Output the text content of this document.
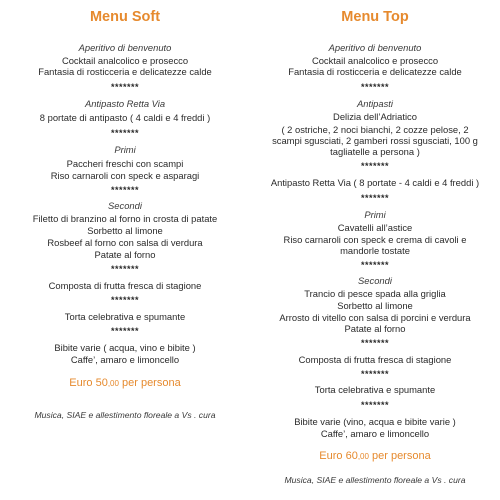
Menu Soft
Aperitivo di benvenuto
Cocktail analcolico e prosecco
Fantasia di rosticceria e delicatezze calde
*******
Antipasto Retta Via
8 portate di antipasto ( 4 caldi e 4 freddi )
*******
Primi
Paccheri freschi con scampi
Riso carnaroli con speck e asparagi
*******
Secondi
Filetto di branzino al forno in crosta di patate
Sorbetto al limone
Rosbeef al forno con salsa di verdura
Patate al forno
*******
Composta di frutta fresca di stagione
*******
Torta celebrativa e spumante
*******
Bibite varie ( acqua, vino e bibite )
Caffe’, amaro e limoncello
Euro 50,00 per persona
Musica, SIAE e allestimento floreale a Vs . cura
Menu Top
Aperitivo di benvenuto
Cocktail analcolico e prosecco
Fantasia di rosticceria e delicatezze calde
*******
Antipasti
Delizia dell’Adriatico
( 2 ostriche, 2 noci bianchi, 2 cozze pelose, 2
scampi sgusciati, 2 gamberi rossi sgusciati, 100 g
tagliatelle a persona )
*******
Antipasto Retta Via ( 8 portate - 4 caldi e 4 freddi )
*******
Primi
Cavatelli all’astice
Riso carnaroli con speck e crema di cavoli e
mandorle tostate
*******
Secondi
Trancio di pesce spada alla griglia
Sorbetto al limone
Arrosto di vitello con salsa di porcini e verdura
Patate al forno
*******
Composta di frutta fresca di stagione
*******
Torta celebrativa e spumante
*******
Bibite varie (vino, acqua e bibite varie )
Caffe’, amaro e limoncello
Euro 60,00 per persona
Musica, SIAE e allestimento floreale a Vs . cura
